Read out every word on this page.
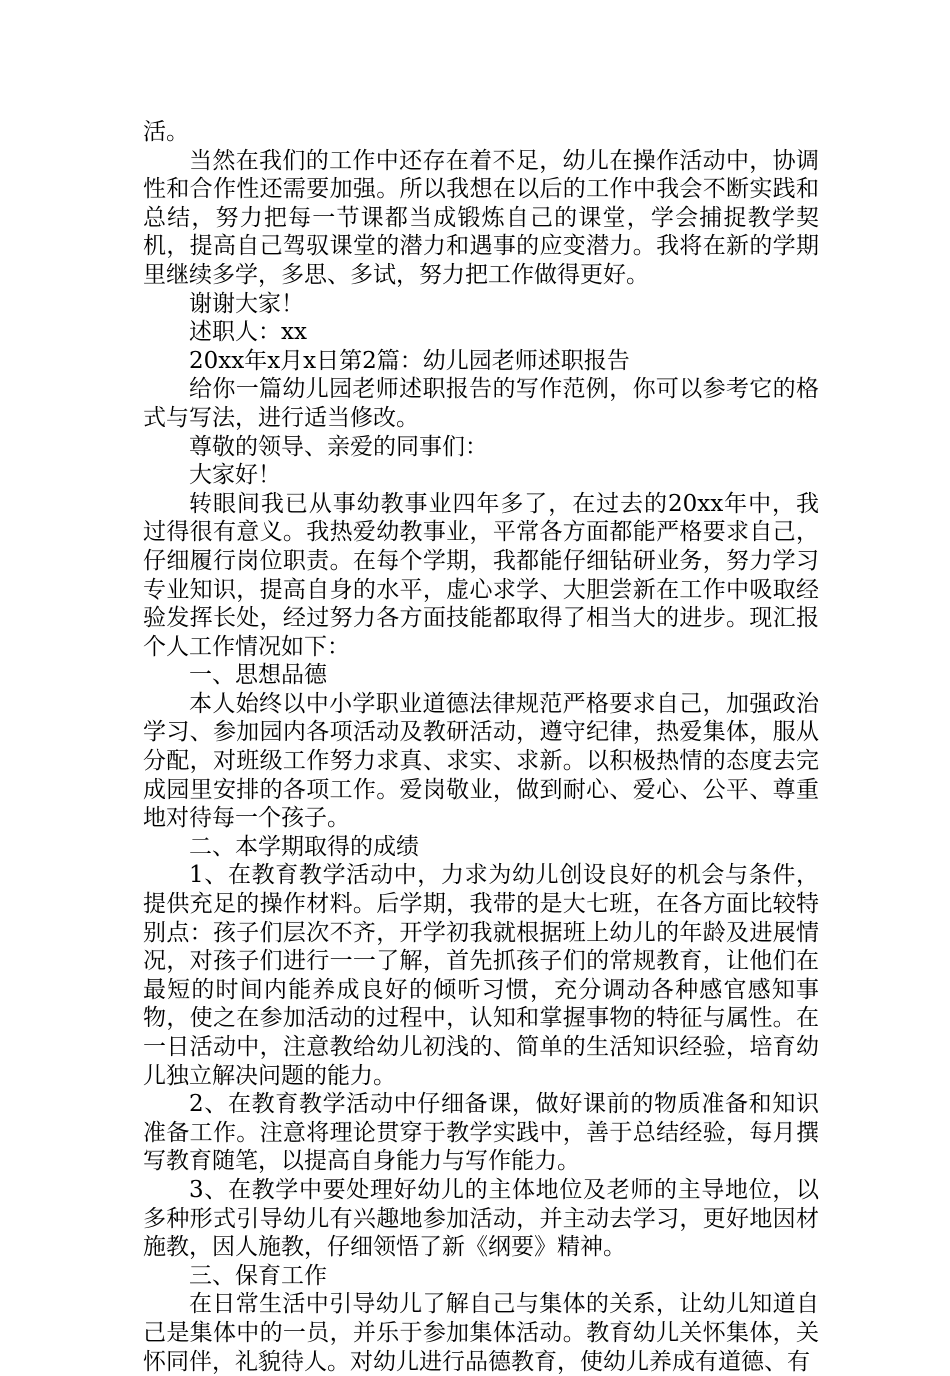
活。

当然在我们的工作中还存在着不足，幼儿在操作活动中，协调性和合作性还需要加强。所以我想在以后的工作中我会不断实践和总结，努力把每一节课都当成锻炼自己的课堂，学会捕捉教学契机，提高自己驾驭课堂的潜力和遇事的应变潜力。我将在新的学期里继续多学，多思、多试，努力把工作做得更好。

谢谢大家！

述职人：xx

20xx年x月x日第2篇：幼儿园老师述职报告

给你一篇幼儿园老师述职报告的写作范例，你可以参考它的格式与写法，进行适当修改。

尊敬的领导、亲爱的同事们：

大家好！

转眼间我已从事幼教事业四年多了，在过去的20xx年中，我过得很有意义。我热爱幼教事业，平常各方面都能严格要求自己，仔细履行岗位职责。在每个学期，我都能仔细钻研业务，努力学习专业知识，提高自身的水平，虚心求学、大胆尝新在工作中吸取经验发挥长处，经过努力各方面技能都取得了相当大的进步。现汇报个人工作情况如下：

一、思想品德

本人始终以中小学职业道德法律规范严格要求自己，加强政治学习、参加园内各项活动及教研活动，遵守纪律，热爱集体，服从分配，对班级工作努力求真、求实、求新。以积极热情的态度去完成园里安排的各项工作。爱岗敬业，做到耐心、爱心、公平、尊重地对待每一个孩子。

二、本学期取得的成绩

1、在教育教学活动中，力求为幼儿创设良好的机会与条件，提供充足的操作材料。后学期，我带的是大七班，在各方面比较特别点：孩子们层次不齐，开学初我就根据班上幼儿的年龄及进展情况，对孩子们进行一一了解，首先抓孩子们的常规教育，让他们在最短的时间内能养成良好的倾听习惯，充分调动各种感官感知事物，使之在参加活动的过程中，认知和掌握事物的特征与属性。在一日活动中，注意教给幼儿初浅的、简单的生活知识经验，培育幼儿独立解决问题的能力。

2、在教育教学活动中仔细备课，做好课前的物质准备和知识准备工作。注意将理论贯穿于教学实践中，善于总结经验，每月撰写教育随笔，以提高自身能力与写作能力。

3、在教学中要处理好幼儿的主体地位及老师的主导地位，以多种形式引导幼儿有兴趣地参加活动，并主动去学习，更好地因材施教，因人施教，仔细领悟了新《纲要》精神。

三、保育工作

在日常生活中引导幼儿了解自己与集体的关系，让幼儿知道自己是集体中的一员，并乐于参加集体活动。教育幼儿关怀集体，关怀同伴，礼貌待人。对幼儿进行品德教育，使幼儿养成有道德、有
